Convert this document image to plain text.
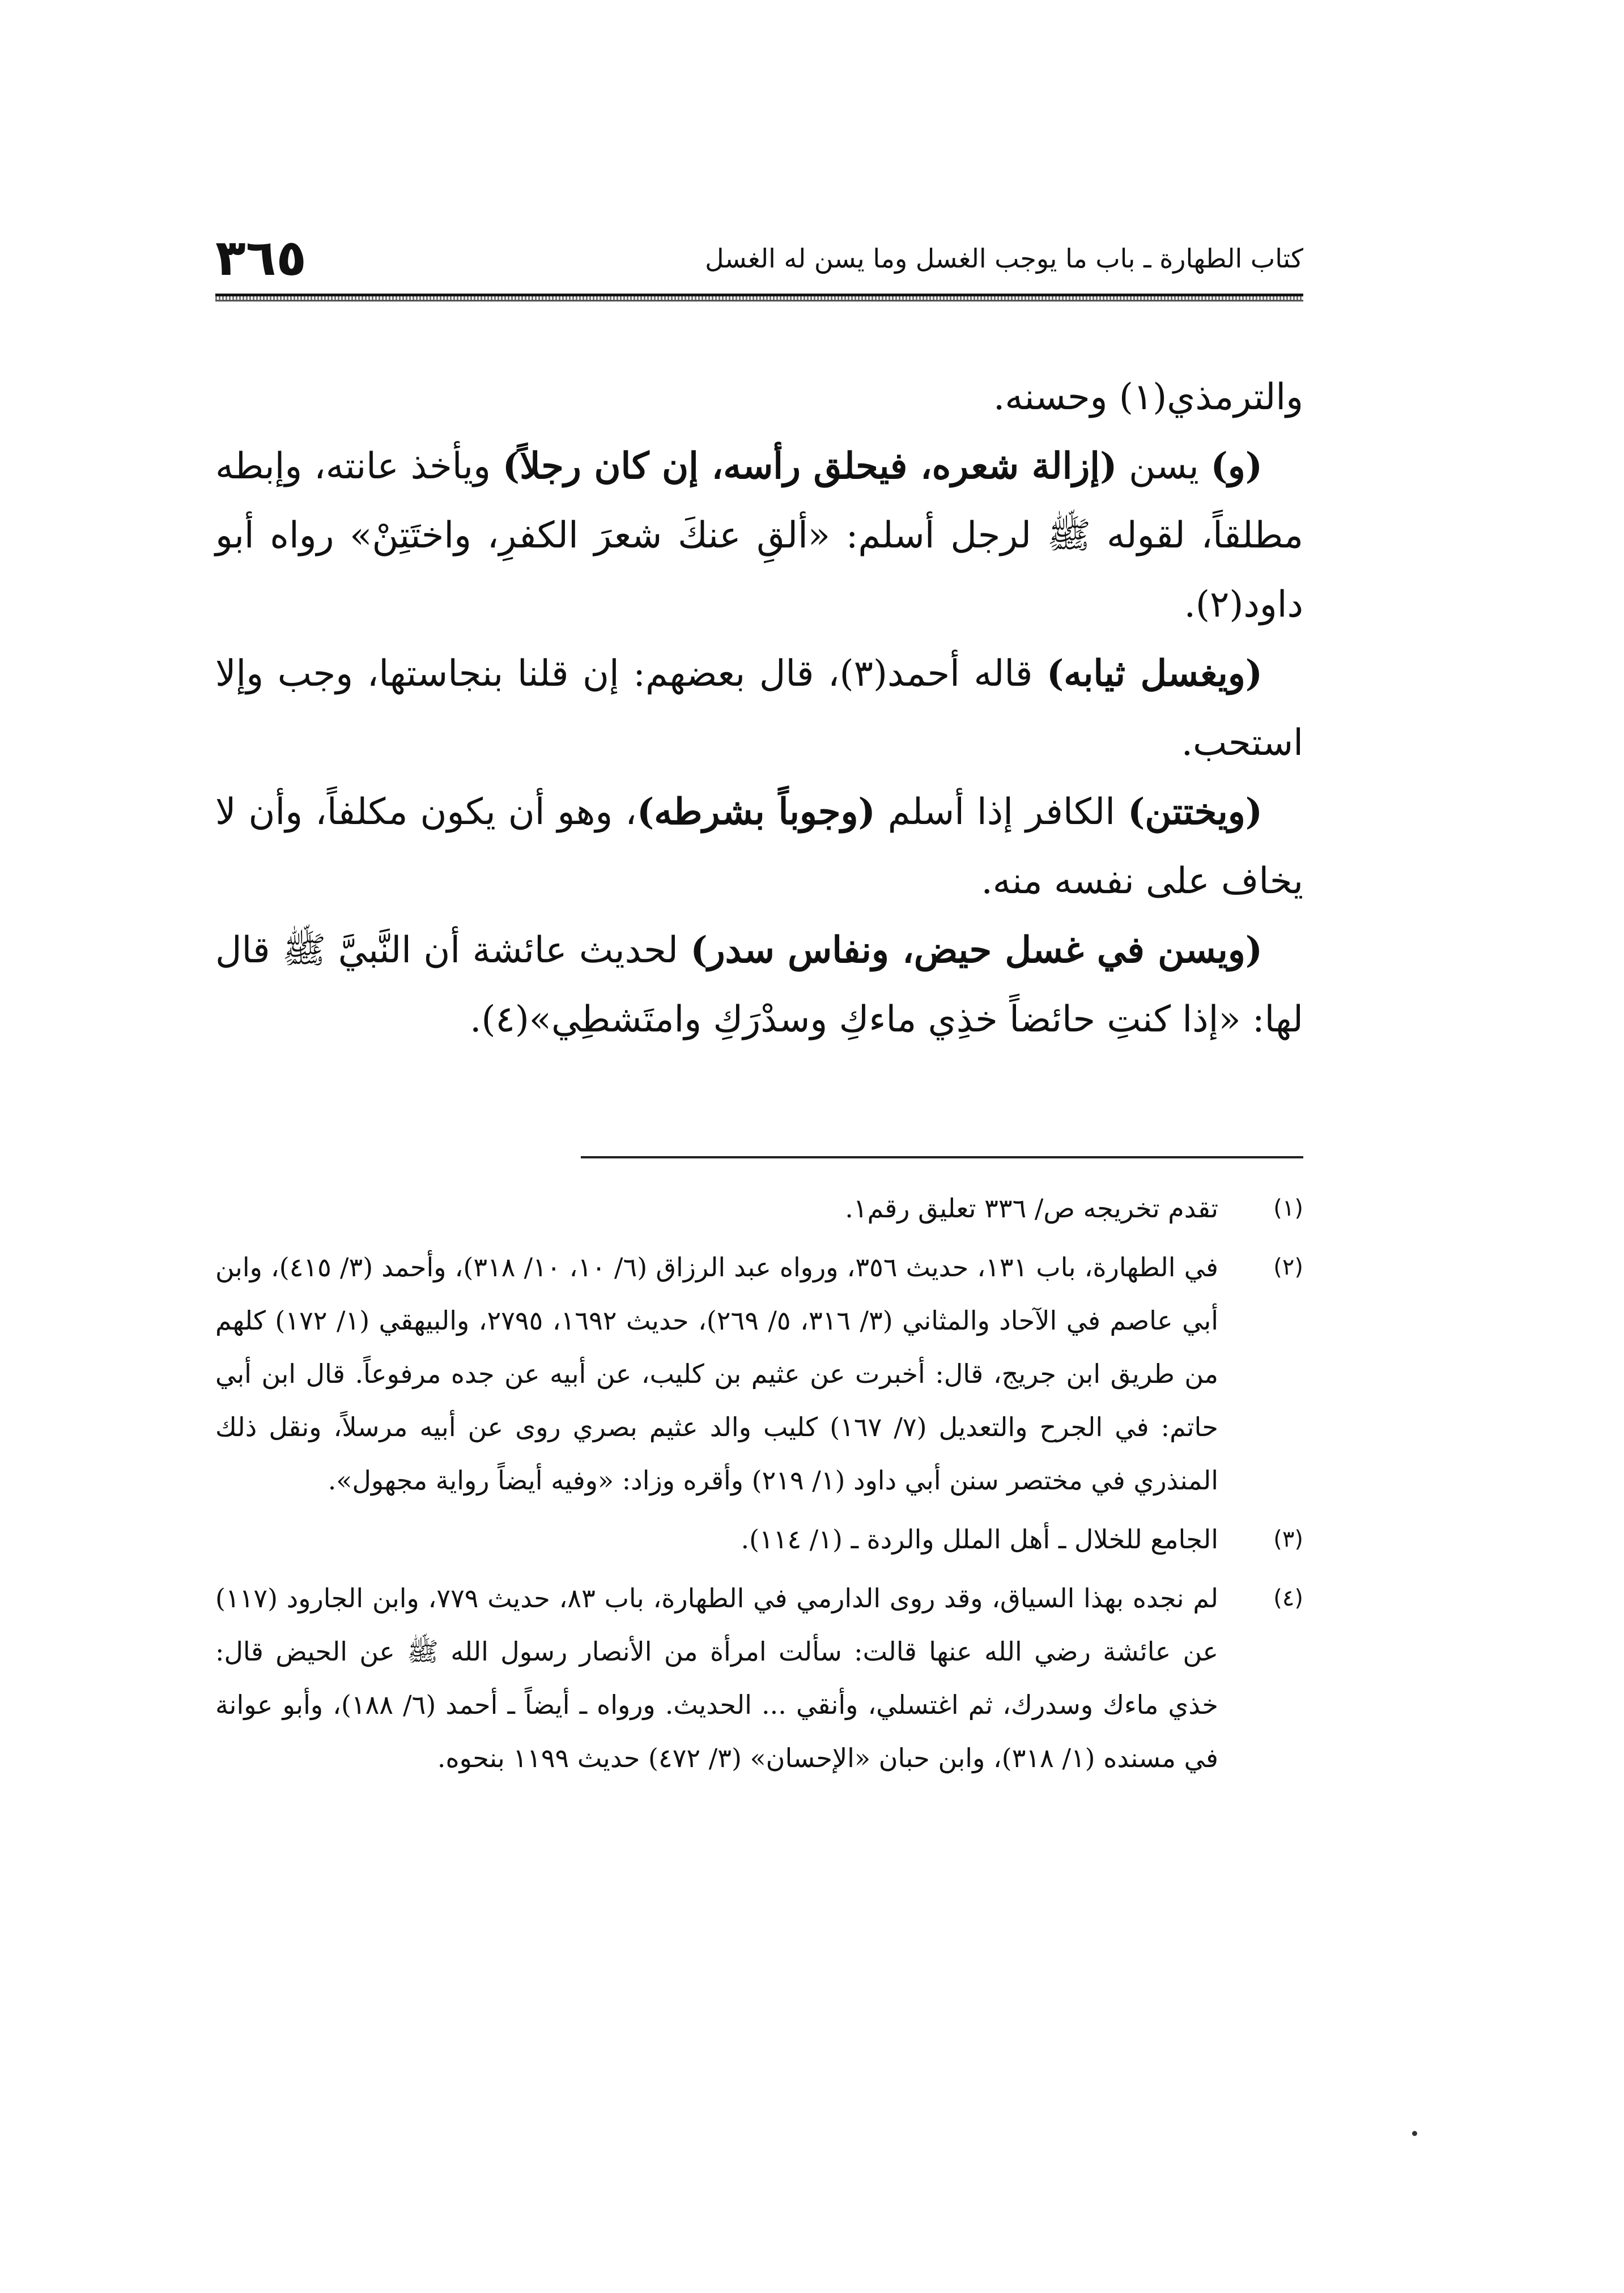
٣٦٥	كتاب الطهارة ـ باب ما يوجب الغسل وما يسن له الغسل

والترمذي(١) وحسنه.

(و) يسن (إزالة شعره، فيحلق رأسه، إن كان رجلاً) ويأخذ عانته، وإبطه مطلقاً، لقوله ﷺ لرجل أسلم: «ألقِ عنكَ شعرَ الكفرِ، واختَتِنْ» رواه أبو داود(٢).

(ويغسل ثيابه) قاله أحمد(٣)، قال بعضهم: إن قلنا بنجاستها، وجب وإلا استحب.

(ويختتن) الكافر إذا أسلم (وجوباً بشرطه)، وهو أن يكون مكلفاً، وأن لا يخاف على نفسه منه.

(ويسن في غسل حيض، ونفاس سدر) لحديث عائشة أن النَّبيَّ ﷺ قال لها: «إذا كنتِ حائضاً خذِي ماءكِ وسدْرَكِ وامتَشطِي»(٤).

(١)
تقدم تخريجه ص/ ٣٣٦ تعليق رقم١.
(٢)
في الطهارة، باب ١٣١، حديث ٣٥٦، ورواه عبد الرزاق (٦/ ١٠، ١٠/ ٣١٨)، وأحمد (٣/ ٤١٥)، وابن أبي عاصم في الآحاد والمثاني (٣/ ٣١٦، ٥/ ٢٦٩)، حديث ١٦٩٢، ٢٧٩٥، والبيهقي (١/ ١٧٢) كلهم من طريق ابن جريج، قال: أخبرت عن عثيم بن كليب، عن أبيه عن جده مرفوعاً. قال ابن أبي حاتم: في الجرح والتعديل (٧/ ١٦٧) كليب والد عثيم بصري روى عن أبيه مرسلاً، ونقل ذلك المنذري في مختصر سنن أبي داود (١/ ٢١٩) وأقره وزاد: «وفيه أيضاً رواية مجهول».
(٣)
الجامع للخلال ـ أهل الملل والردة ـ (١/ ١١٤).
(٤)
لم نجده بهذا السياق، وقد روى الدارمي في الطهارة، باب ٨٣، حديث ٧٧٩، وابن الجارود (١١٧) عن عائشة رضي الله عنها قالت: سألت امرأة من الأنصار رسول الله ﷺ عن الحيض قال: خذي ماءك وسدرك، ثم اغتسلي، وأنقي ... الحديث. ورواه ـ أيضاً ـ أحمد (٦/ ١٨٨)، وأبو عوانة في مسنده (١/ ٣١٨)، وابن حبان «الإحسان» (٣/ ٤٧٢) حديث ١١٩٩ بنحوه.
